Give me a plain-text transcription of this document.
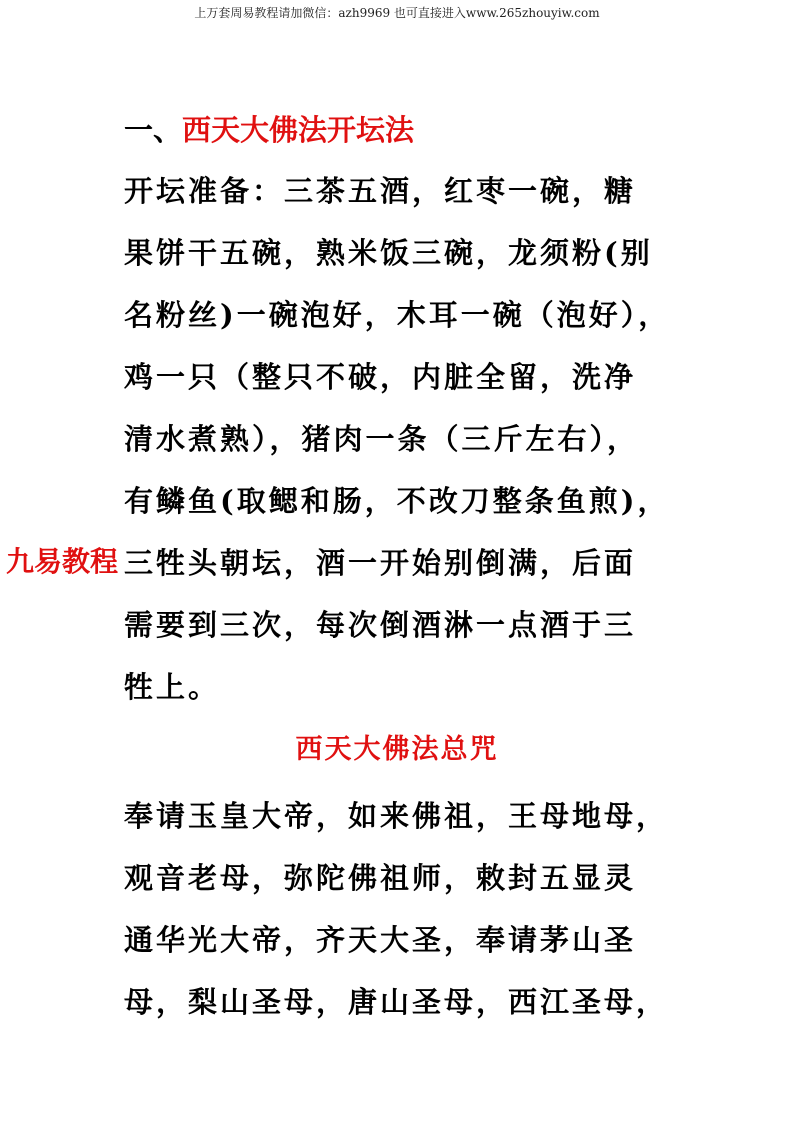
上万套周易教程请加微信：azh9969 也可直接进入www.265zhouyiw.com
一、西天大佛法开坛法
开坛准备：三茶五酒，红枣一碗，糖
果饼干五碗，熟米饭三碗，龙须粉(别
名粉丝)一碗泡好，木耳一碗（泡好），
鸡一只（整只不破，内脏全留，洗净
清水煮熟），猪肉一条（三斤左右），
有鳞鱼(取鳃和肠，不改刀整条鱼煎)，
三牲头朝坛，酒一开始别倒满，后面
需要到三次，每次倒酒淋一点酒于三
牲上。
西天大佛法总咒
奉请玉皇大帝，如来佛祖，王母地母，
观音老母，弥陀佛祖师，敕封五显灵
通华光大帝，齐天大圣，奉请茅山圣
母，梨山圣母，唐山圣母，西江圣母，
九易教程
